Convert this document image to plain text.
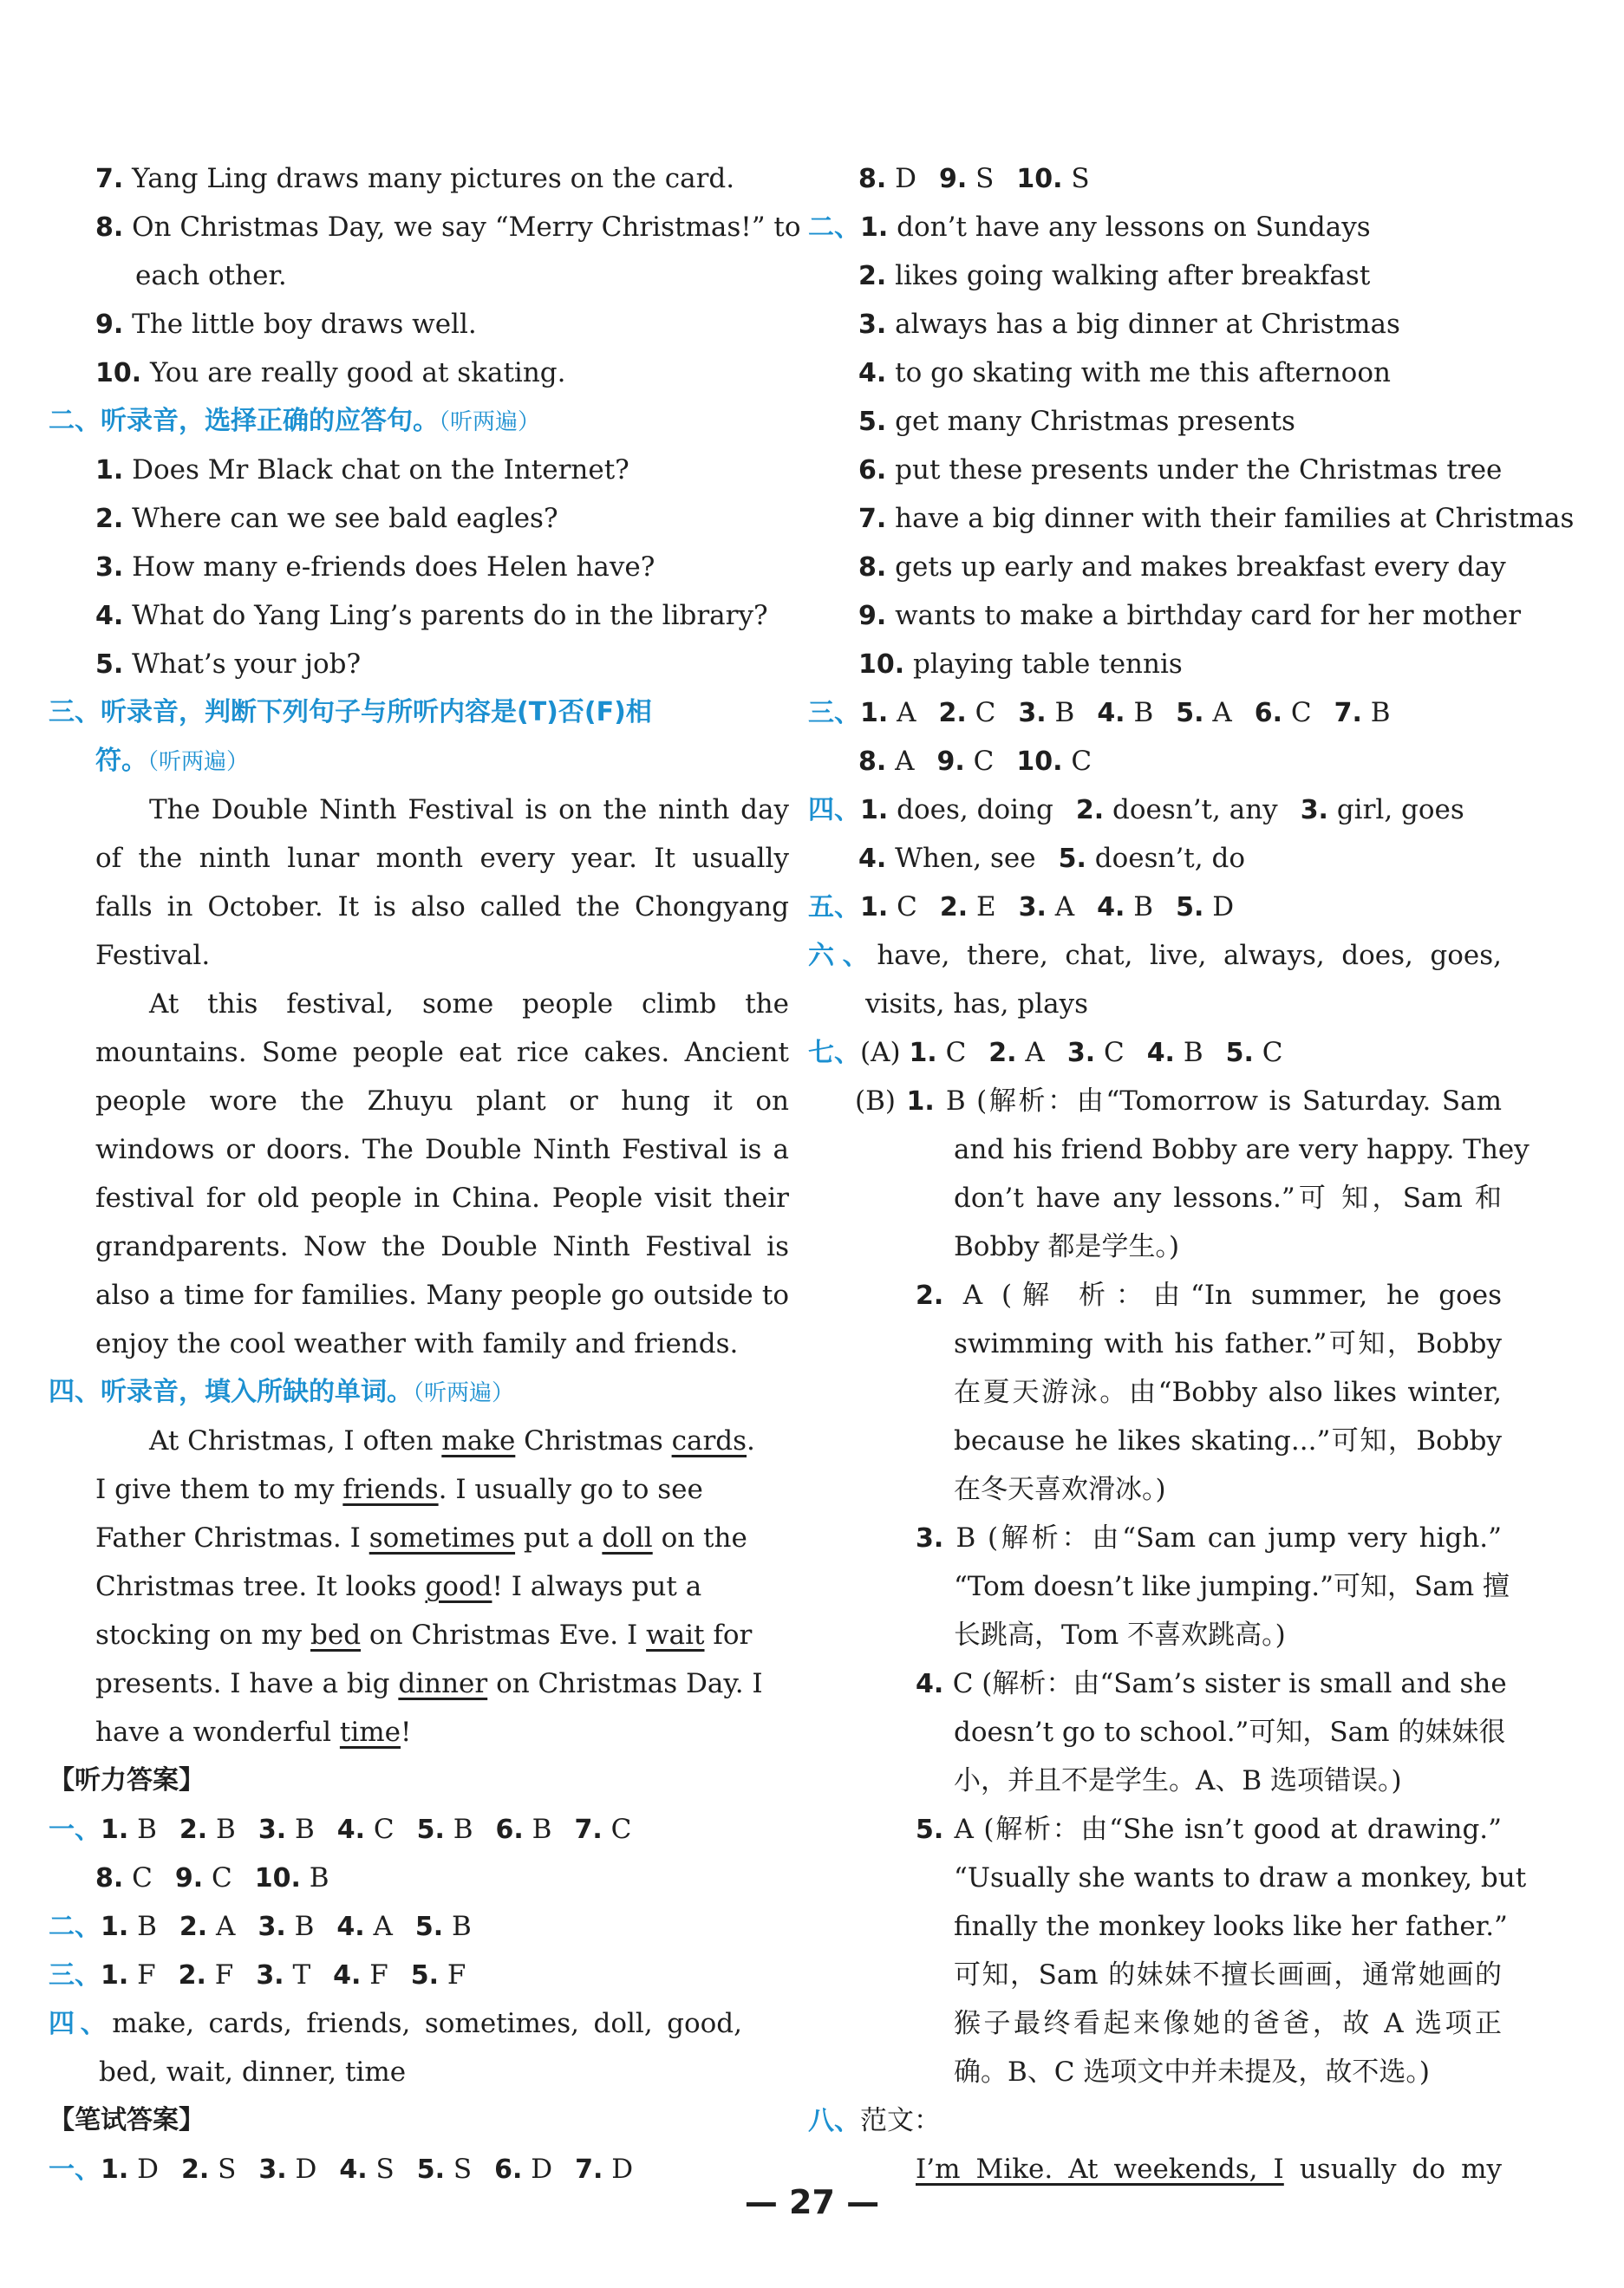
7. Yang Ling draws many pictures on the card.
8. On Christmas Day, we say “Merry Christmas!” to
each other.
9. The little boy draws well.
10. You are really good at skating.
二、听录音，选择正确的应答句。（听两遍）
1. Does Mr Black chat on the Internet?
2. Where can we see bald eagles?
3. How many e-friends does Helen have?
4. What do Yang Ling’s parents do in the library?
5. What’s your job?
三、听录音，判断下列句子与所听内容是(T)否(F)相
符。（听两遍）
The Double Ninth Festival is on the ninth day
of the ninth lunar month every year. It usually
falls in October. It is also called the Chongyang
Festival.
At this festival, some people climb the
mountains. Some people eat rice cakes. Ancient
people wore the Zhuyu plant or hung it on
windows or doors. The Double Ninth Festival is a
festival for old people in China. People visit their
grandparents. Now the Double Ninth Festival is
also a time for families. Many people go outside to
enjoy the cool weather with family and friends.
四、听录音，填入所缺的单词。（听两遍）
At Christmas, I often make Christmas cards.
I give them to my friends. I usually go to see
Father Christmas. I sometimes put a doll on the
Christmas tree. It looks good! I always put a
stocking on my bed on Christmas Eve. I wait for
presents. I have a big dinner on Christmas Day. I
have a wonderful time!
【听力答案】
一、1. B 2. B 3. B 4. C 5. B 6. B 7. C
8. C 9. C 10. B
二、1. B 2. A 3. B 4. A 5. B
三、1. F 2. F 3. T 4. F 5. F
四、make, cards, friends, sometimes, doll, good,
bed, wait, dinner, time
【笔试答案】
一、1. D 2. S 3. D 4. S 5. S 6. D 7. D
8. D 9. S 10. S
二、1. don’t have any lessons on Sundays
2. likes going walking after breakfast
3. always has a big dinner at Christmas
4. to go skating with me this afternoon
5. get many Christmas presents
6. put these presents under the Christmas tree
7. have a big dinner with their families at Christmas
8. gets up early and makes breakfast every day
9. wants to make a birthday card for her mother
10. playing table tennis
三、1. A 2. C 3. B 4. B 5. A 6. C 7. B
8. A 9. C 10. C
四、1. does, doing 2. doesn’t, any 3. girl, goes
4. When, see 5. doesn’t, do
五、1. C 2. E 3. A 4. B 5. D
六、have, there, chat, live, always, does, goes,
visits, has, plays
七、(A) 1. C 2. A 3. C 4. B 5. C
(B) 1. B (解析：由“Tomorrow is Saturday. Sam
and his friend Bobby are very happy. They
don’t have any lessons.”可 知，Sam 和
Bobby 都是学生。)
2. A (解 析：由“In summer, he goes
swimming with his father.”可知，Bobby
在夏天游泳。由“Bobby also likes winter,
because he likes skating...”可知，Bobby
在冬天喜欢滑冰。)
3. B (解析：由“Sam can jump very high.”
“Tom doesn’t like jumping.”可知，Sam 擅
长跳高，Tom 不喜欢跳高。)
4. C (解析：由“Sam’s sister is small and she
doesn’t go to school.”可知，Sam 的妹妹很
小，并且不是学生。A、B 选项错误。)
5. A (解析：由“She isn’t good at drawing.”
“Usually she wants to draw a monkey, but
finally the monkey looks like her father.”
可知，Sam 的妹妹不擅长画画，通常她画的
猴子最终看起来像她的爸爸，故 A 选项正
确。B、C 选项文中并未提及，故不选。)
八、范文：
I’m Mike. At weekends, I usually do my
— 27 —
